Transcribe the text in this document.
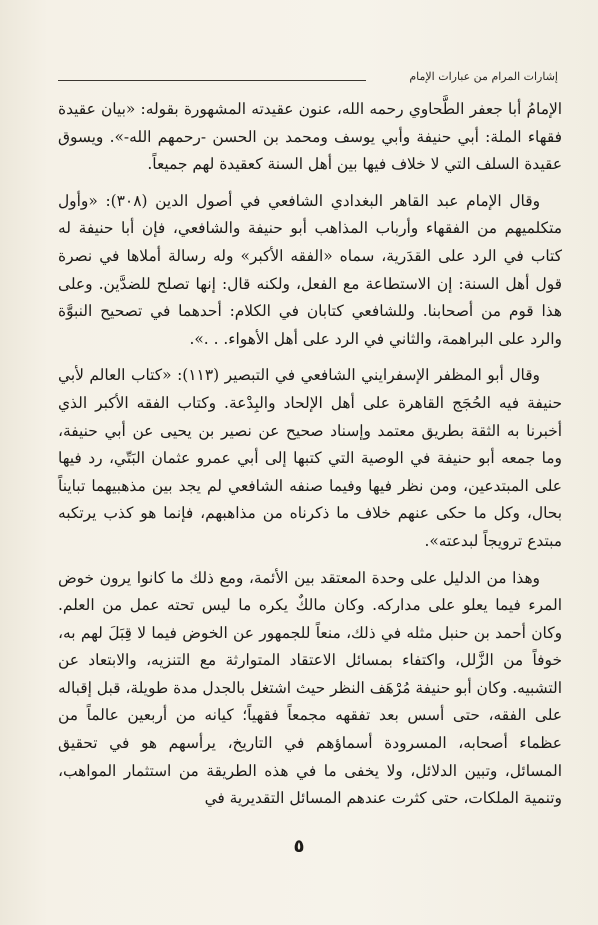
إشارات المرام من عبارات الإمام

الإمامُ أبا جعفر الطَّحاوي رحمه الله، عنون عقيدته المشهورة بقوله: «بيان عقيدة فقهاء الملة: أبي حنيفة وأبي يوسف ومحمد بن الحسن -رحمهم الله-». ويسوق عقيدة السلف التي لا خلاف فيها بين أهل السنة كعقيدة لهم جميعاً.

وقال الإمام عبد القاهر البغدادي الشافعي في أصول الدين (٣٠٨): «وأول متكلميهم من الفقهاء وأرباب المذاهب أبو حنيفة والشافعي، فإن أبا حنيفة له كتاب في الرد على القدَرية، سماه «الفقه الأكبر» وله رسالة أملاها في نصرة قول أهل السنة: إن الاستطاعة مع الفعل، ولكنه قال: إنها تصلح للضدَّين. وعلى هذا قوم من أصحابنا. وللشافعي كتابان في الكلام: أحدهما في تصحيح النبوَّة والرد على البراهمة، والثاني في الرد على أهل الأهواء. . .».

وقال أبو المظفر الإسفرايني الشافعي في التبصير (١١٣): «كتاب العالم لأبي حنيفة فيه الحُجَج القاهرة على أهل الإلحاد والبِدْعة. وكتاب الفقه الأكبر الذي أخبرنا به الثقة بطريق معتمد وإسناد صحيح عن نصير بن يحيى عن أبي حنيفة، وما جمعه أبو حنيفة في الوصية التي كتبها إلى أبي عمرو عثمان البَتّي، رد فيها على المبتدعين، ومن نظر فيها وفيما صنفه الشافعي لم يجد بين مذهبيهما تبايناً بحال، وكل ما حكى عنهم خلاف ما ذكرناه من مذاهبهم، فإنما هو كذب يرتكبه مبتدع ترويجاً لبدعته».

وهذا من الدليل على وحدة المعتقد بين الأئمة، ومع ذلك ما كانوا يرون خوض المرء فيما يعلو على مداركه. وكان مالكٌ يكره ما ليس تحته عمل من العلم. وكان أحمد بن حنبل مثله في ذلك، منعاً للجمهور عن الخوض فيما لا قِبَلَ لهم به، خوفاً من الزَّلل، واكتفاء بمسائل الاعتقاد المتوارثة مع التنزيه، والابتعاد عن التشبيه. وكان أبو حنيفة مُرْهَف النظر حيث اشتغل بالجدل مدة طويلة، قبل إقباله على الفقه، حتى أسس بعد تفقهه مجمعاً فقهياً؛ كيانه من أربعين عالماً من عظماء أصحابه، المسرودة أسماؤهم في التاريخ، يرأسهم هو في تحقيق المسائل، وتبين الدلائل، ولا يخفى ما في هذه الطريقة من استثمار المواهب، وتنمية الملكات، حتى كثرت عندهم المسائل التقديرية في

٥
